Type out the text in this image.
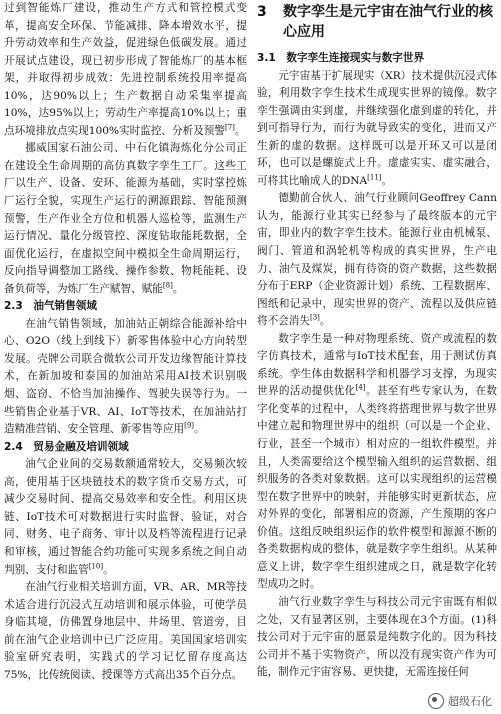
过到智能炼厂建设，推动生产方式和管控模式变革，提高安全环保、节能减排、降本增效水平，提升劳动效率和生产效益，促进绿色低碳发展。通过开展试点建设，现已初步形成了智能炼厂的基本框架，并取得初步成效：先进控制系统投用率提高10%，达90%以上；生产数据自动采集率提高10%，达95%以上；劳动生产率提高10%以上；重点环境排放点实现100%实时监控、分析及预警[7]。

挪威国家石油公司、中石化镇海炼化分公司正在建设全生命周期的高仿真数字孪生工厂。这些工厂以生产、设备、安环、能源为基础，实时掌控炼厂运行全貌，实现生产运行的溯源跟踪、智能预测预警，生产作业全方位和机器人巡检等，监测生产运行情况、量化分级管控、深度钻取能耗数据，全面优化运行，在虚拟空间中模拟全生命周期运行，反向指导调整加工路线、操作参数、物耗能耗、设备负荷等，为炼厂生产赋智、赋能[8]。

2.3　油气销售领域

在油气销售领域，加油站正朝综合能源补给中心、O2O（线上到线下）新零售体验中心方向转型发展。壳牌公司联合微软公司开发边缘智能计算技术，在新加坡和泰国的加油站采用AI技术识别吸烟、盗窃、不恰当加油操作、驾驶失误等行为。一些销售企业基于VR、AI、IoT等技术，在加油站打造精准营销、安全管理、新零售等应用[9]。

2.4　贸易金融及培训领域

油气企业间的交易数额通常较大，交易频次较高，使用基于区块链技术的数字货币交易方式，可减少交易时间、提高交易效率和安全性。利用区块链、IoT技术可对数据进行实时监督、验证，对合同、财务、电子商务、审计以及档等流程进行记录和审核，通过智能合约功能可实现多系统之间自动判别、支付和监管[10]。

在油气行业相关培训方面，VR、AR、MR等技术适合进行沉浸式互动培训和展示体验，可使学员身临其境，仿佛置身地层中、井场里、管道旁，目前在油气企业培训中已广泛应用。美国国家培训实验室研究表明，实践式的学习记忆留存度高达75%，比传统阅读、授课等方式高出35个百分点。

3	数字孪生是元宇宙在油气行业的核心应用
3.1　数字孪生连接现实与数字世界

元宇宙基于扩展现实（XR）技术提供沉浸式体验，利用数字孪生技术生成现实世界的镜像。数字孪生强调由实到虚，并继续强化虚到虚的转化，并到可指导行为，而行为就导致实的变化，进而又产生新的虚的数据。这样既可以是开环又可以是闭环，也可以是螺旋式上升。虚虚实实、虚实融合，可将其比喻成人的DNA[11]。

德勤前合伙人、油气行业顾问Geoffrey Cann认为，能源行业其实已经参与了最终版本的元宇宙，即业内的数字孪生技术。能源行业由机械泵、阀门、管道和涡轮机等构成的真实世界，生产电力、油气及煤炭，拥有待资的资产数据，这些数据分布于ERP（企业资源计划）系统、工程数据库、图纸和记录中，现实世界的资产、流程以及供应链将不会消失[3]。

数字孪生是一种对物理系统、资产或流程的数字仿真技术，通常与IoT技术配套，用于测试仿真系统。孪生体由数据科学和机器学习支撑，为现实世界的活动提供优化[4]。甚至有些专家认为，在数字化变革的过程中，人类终将搭理世界与数字世界中建立起和物理世界中的组织（可以是一个企业、行业，甚至一个城市）相对应的一组软件模型。并且，人类需要给这个模型输入组织的运营数据、组织服务的各类对象数据。这可以实现组织的运营模型在数字世界中的映射，并能够实时更新状态，应对外界的变化，部署相应的资源，产生预期的客户价值。这组反映组织运作的软件模型和源源不断的各类数据构成的整体，就是数字孪生组织。从某种意义上讲，数字孪生组织建成之日，就是数字化转型成功之时。

油气行业数字孪生与科技公司元宇宙既有相似之处，又有显著区别，主要体现在3个方面。(1)科技公司对于元宇宙的愿景是纯数字化的。因为科技公司并不基于实物资产，所以没有现实资产作为可能，制作元宇宙容易、更快捷，无需连接任何

超级石化
